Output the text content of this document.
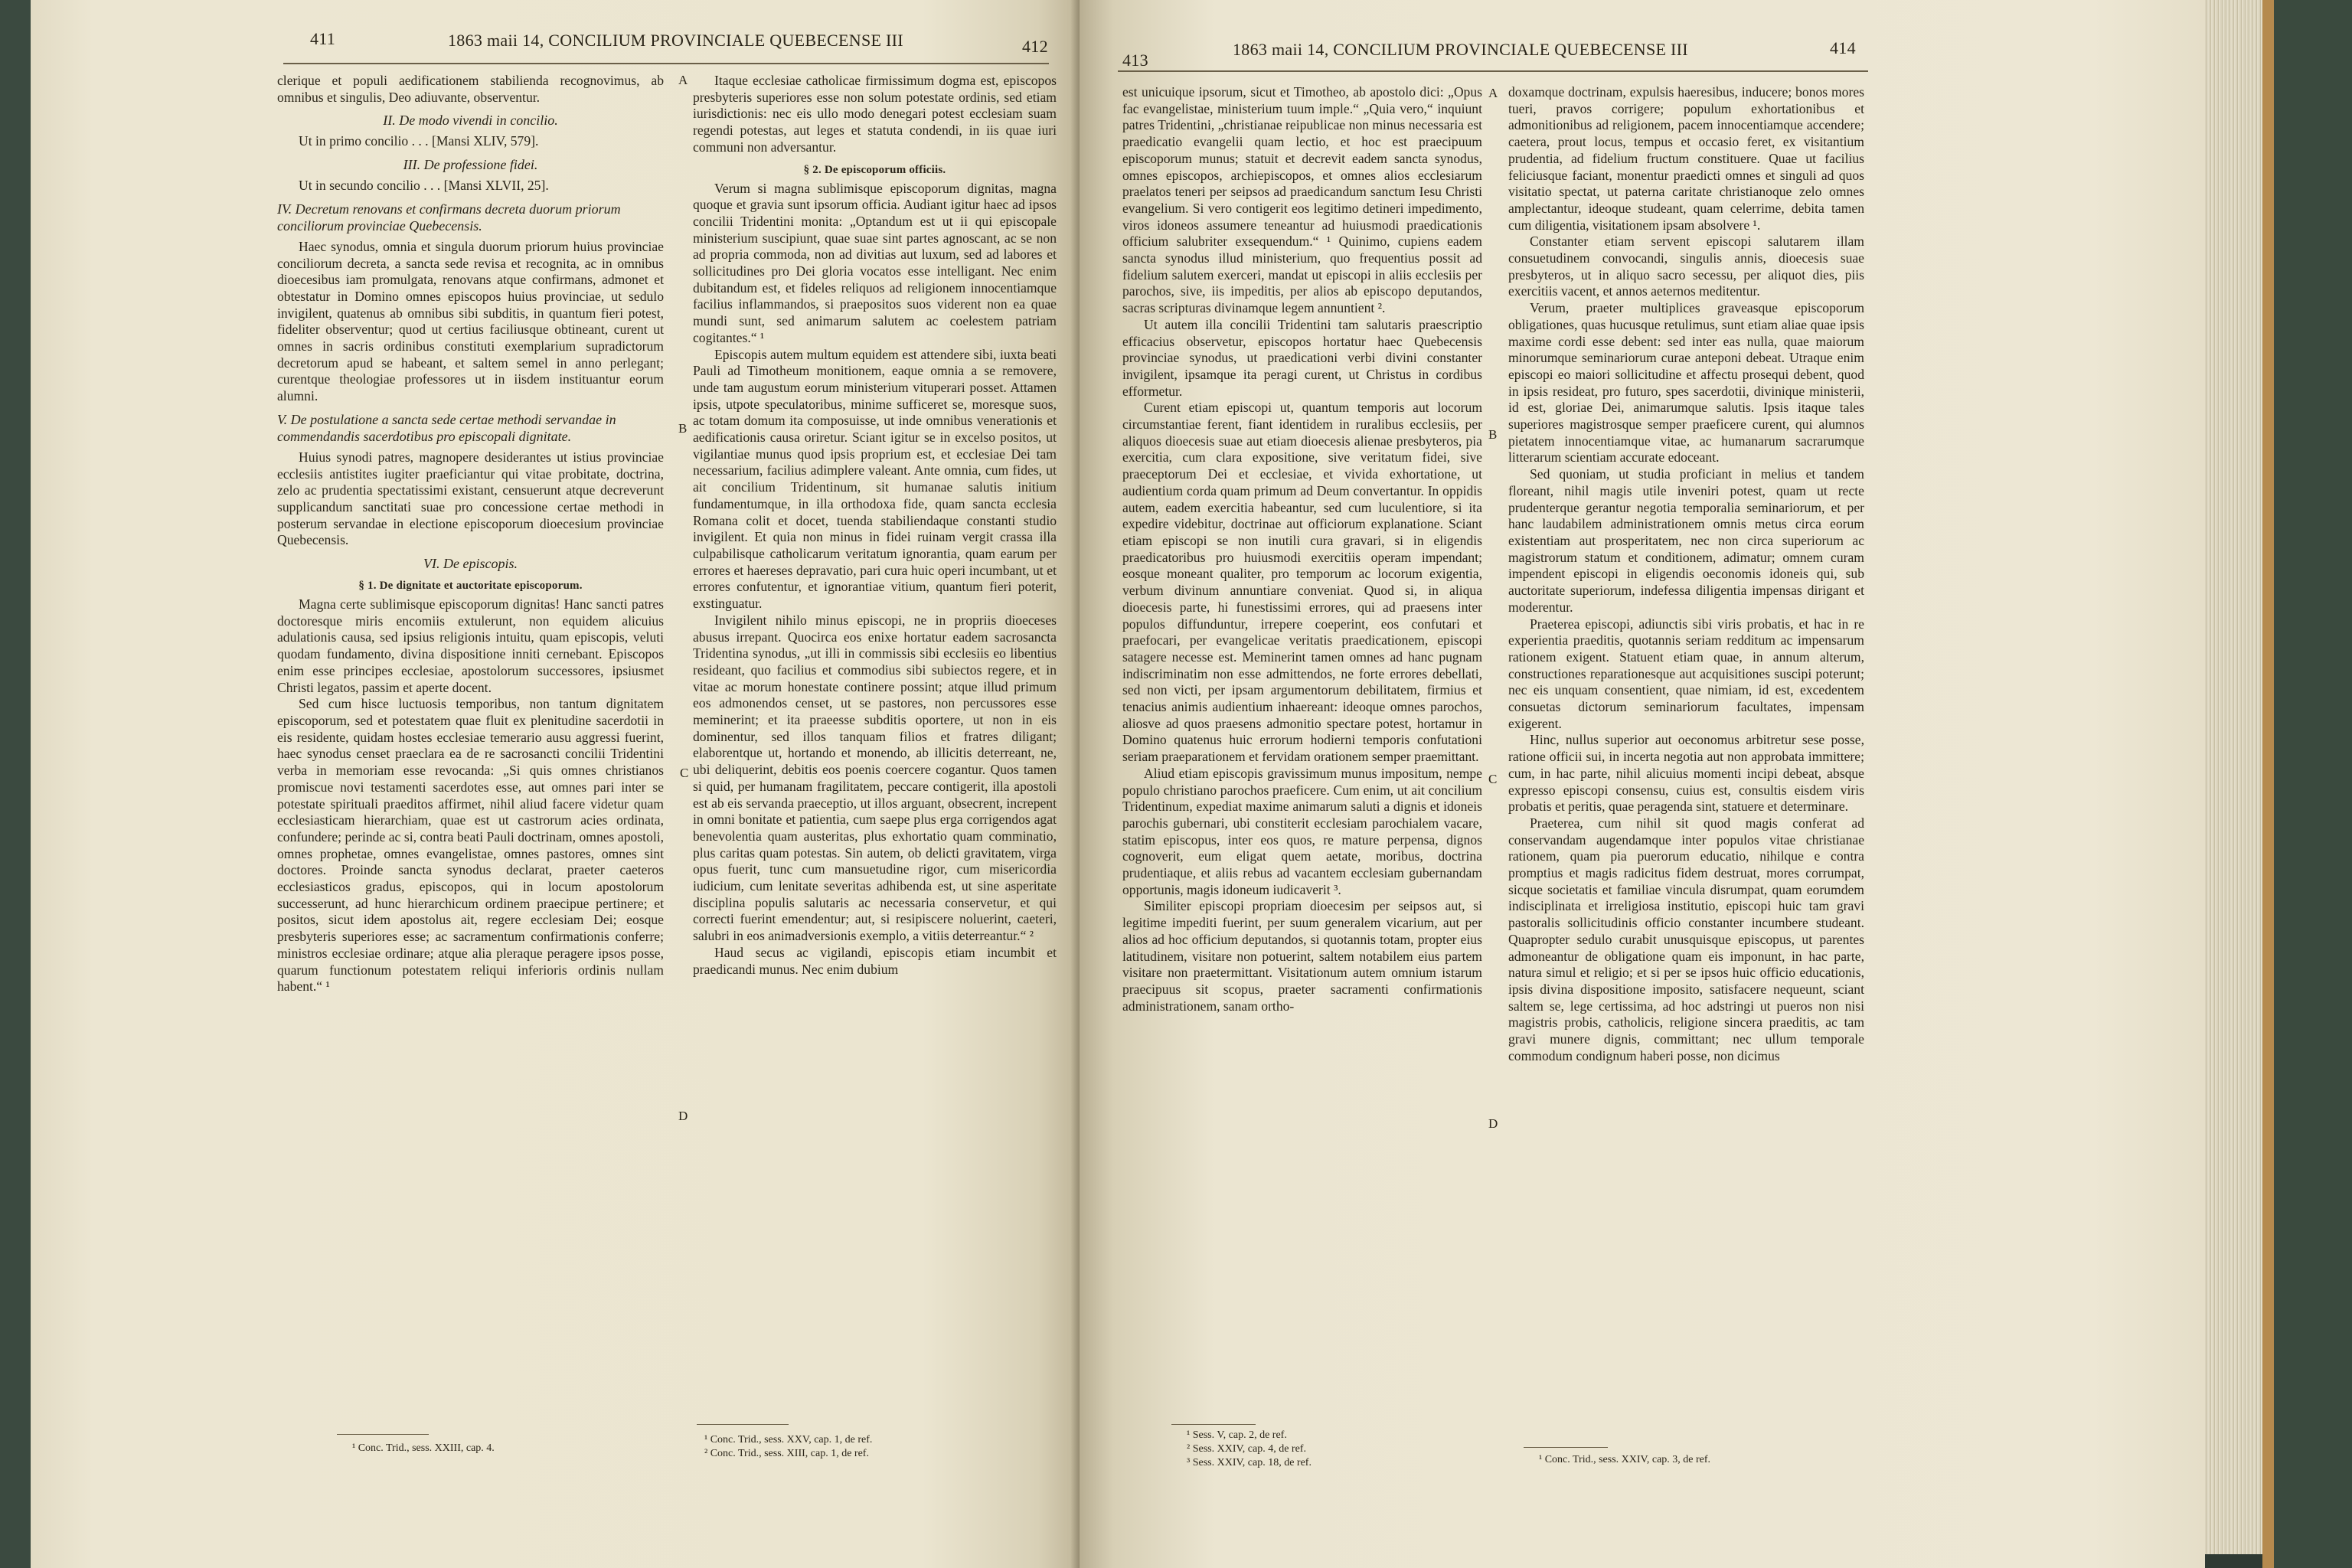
411	1863 maii 14, CONCILIUM PROVINCIALE QUEBECENSE III	412

clerique et populi aedificationem stabilienda recognovimus, ab omnibus et singulis, Deo adiuvante, observentur.

II. De modo vivendi in concilio.

Ut in primo concilio . . . [Mansi XLIV, 579].

III. De professione fidei.

Ut in secundo concilio . . . [Mansi XLVII, 25].

IV. Decretum renovans et confirmans decreta duorum priorum conciliorum provinciae Quebecensis.

Haec synodus, omnia et singula duorum priorum huius provinciae conciliorum decreta, a sancta sede revisa et recognita, ac in omnibus dioecesibus iam promulgata, renovans atque confirmans, admonet et obtestatur in Domino omnes episcopos huius provinciae, ut sedulo invigilent, quatenus ab omnibus sibi subditis, in quantum fieri potest, fideliter observentur; quod ut certius faciliusque obtineant, curent ut omnes in sacris ordinibus constituti exemplarium supradictorum decretorum apud se habeant, et saltem semel in anno perlegant; curentque theologiae professores ut in iisdem instituantur eorum alumni.

V. De postulatione a sancta sede certae methodi servandae in commendandis sacerdotibus pro episcopali dignitate.

Huius synodi patres, magnopere desiderantes ut istius provinciae ecclesiis antistites iugiter praeficiantur qui vitae probitate, doctrina, zelo ac prudentia spectatissimi existant, censuerunt atque decreverunt supplicandum sanctitati suae pro concessione certae methodi in posterum servandae in electione episcoporum dioecesium provinciae Quebecensis.

VI. De episcopis.
§ 1. De dignitate et auctoritate episcoporum.

Magna certe sublimisque episcoporum dignitas! Hanc sancti patres doctoresque miris encomiis extulerunt, non equidem alicuius adulationis causa, sed ipsius religionis intuitu, quam episcopis, veluti quodam fundamento, divina dispositione inniti cernebant. Episcopos enim esse principes ecclesiae, apostolorum successores, ipsiusmet Christi legatos, passim et aperte docent.

Sed cum hisce luctuosis temporibus, non tantum dignitatem episcoporum, sed et potestatem quae fluit ex plenitudine sacerdotii in eis residente, quidam hostes ecclesiae temerario ausu aggressi fuerint, haec synodus censet praeclara ea de re sacrosancti concilii Tridentini verba in memoriam esse revocanda: „Si quis omnes christianos promiscue novi testamenti sacerdotes esse, aut omnes pari inter se potestate spirituali praeditos affirmet, nihil aliud facere videtur quam ecclesiasticam hierarchiam, quae est ut castrorum acies ordinata, confundere; perinde ac si, contra beati Pauli doctrinam, omnes apostoli, omnes prophetae, omnes evangelistae, omnes pastores, omnes sint doctores. Proinde sancta synodus declarat, praeter caeteros ecclesiasticos gradus, episcopos, qui in locum apostolorum successerunt, ad hunc hierarchicum ordinem praecipue pertinere; et positos, sicut idem apostolus ait, regere ecclesiam Dei; eosque presbyteris superiores esse; ac sacramentum confirmationis conferre; ministros ecclesiae ordinare; atque alia pleraque peragere ipsos posse, quarum functionum potestatem reliqui inferioris ordinis nullam habent.“ ¹

¹ Conc. Trid., sess. XXIII, cap. 4.
A
B
C
D

Itaque ecclesiae catholicae firmissimum dogma est, episcopos presbyteris superiores esse non solum potestate ordinis, sed etiam iurisdictionis: nec eis ullo modo denegari potest ecclesiam suam regendi potestas, aut leges et statuta condendi, in iis quae iuri communi non adversantur.

§ 2. De episcoporum officiis.

Verum si magna sublimisque episcoporum dignitas, magna quoque et gravia sunt ipsorum officia. Audiant igitur haec ad ipsos concilii Tridentini monita: „Optandum est ut ii qui episcopale ministerium suscipiunt, quae suae sint partes agnoscant, ac se non ad propria commoda, non ad divitias aut luxum, sed ad labores et sollicitudines pro Dei gloria vocatos esse intelligant. Nec enim dubitandum est, et fideles reliquos ad religionem innocentiamque facilius inflammandos, si praepositos suos viderent non ea quae mundi sunt, sed animarum salutem ac coelestem patriam cogitantes.“ ¹

Episcopis autem multum equidem est attendere sibi, iuxta beati Pauli ad Timotheum monitionem, eaque omnia a se removere, unde tam augustum eorum ministerium vituperari posset. Attamen ipsis, utpote speculatoribus, minime sufficeret se, moresque suos, ac totam domum ita composuisse, ut inde omnibus venerationis et aedificationis causa oriretur. Sciant igitur se in excelso positos, ut vigilantiae munus quod ipsis proprium est, et ecclesiae Dei tam necessarium, facilius adimplere valeant. Ante omnia, cum fides, ut ait concilium Tridentinum, sit humanae salutis initium fundamentumque, in illa orthodoxa fide, quam sancta ecclesia Romana colit et docet, tuenda stabiliendaque constanti studio invigilent. Et quia non minus in fidei ruinam vergit crassa illa culpabilisque catholicarum veritatum ignorantia, quam earum per errores et haereses depravatio, pari cura huic operi incumbant, ut et errores confutentur, et ignorantiae vitium, quantum fieri poterit, exstinguatur.

Invigilent nihilo minus episcopi, ne in propriis dioeceses abusus irrepant. Quocirca eos enixe hortatur eadem sacrosancta Tridentina synodus, „ut illi in commissis sibi ecclesiis eo libentius resideant, quo facilius et commodius sibi subiectos regere, et in vitae ac morum honestate continere possint; atque illud primum eos admonendos censet, ut se pastores, non percussores esse meminerint; et ita praeesse subditis oportere, ut non in eis dominentur, sed illos tanquam filios et fratres diligant; elaborentque ut, hortando et monendo, ab illicitis deterreant, ne, ubi deliquerint, debitis eos poenis coercere cogantur. Quos tamen si quid, per humanam fragilitatem, peccare contigerit, illa apostoli est ab eis servanda praeceptio, ut illos arguant, obsecrent, increpent in omni bonitate et patientia, cum saepe plus erga corrigendos agat benevolentia quam austeritas, plus exhortatio quam comminatio, plus caritas quam potestas. Sin autem, ob delicti gravitatem, virga opus fuerit, tunc cum mansuetudine rigor, cum misericordia iudicium, cum lenitate severitas adhibenda est, ut sine asperitate disciplina populis salutaris ac necessaria conservetur, et qui correcti fuerint emendentur; aut, si resipiscere noluerint, caeteri, salubri in eos animadversionis exemplo, a vitiis deterreantur.“ ²

Haud secus ac vigilandi, episcopis etiam incumbit et praedicandi munus. Nec enim dubium

¹ Conc. Trid., sess. XXV, cap. 1, de ref.
² Conc. Trid., sess. XIII, cap. 1, de ref.
413
1863 maii 14, CONCILIUM PROVINCIALE QUEBECENSE III	414

est unicuique ipsorum, sicut et Timotheo, ab apostolo dici: „Opus fac evangelistae, ministerium tuum imple.“ „Quia vero,“ inquiunt patres Tridentini, „christianae reipublicae non minus necessaria est praedicatio evangelii quam lectio, et hoc est praecipuum episcoporum munus; statuit et decrevit eadem sancta synodus, omnes episcopos, archiepiscopos, et omnes alios ecclesiarum praelatos teneri per seipsos ad praedicandum sanctum Iesu Christi evangelium. Si vero contigerit eos legitimo detineri impedimento, viros idoneos assumere teneantur ad huiusmodi praedicationis officium salubriter exsequendum.“ ¹ Quinimo, cupiens eadem sancta synodus illud ministerium, quo frequentius possit ad fidelium salutem exerceri, mandat ut episcopi in aliis ecclesiis per parochos, sive, iis impeditis, per alios ab episcopo deputandos, sacras scripturas divinamque legem annuntient ².

Ut autem illa concilii Tridentini tam salutaris praescriptio efficacius observetur, episcopos hortatur haec Quebecensis provinciae synodus, ut praedicationi verbi divini constanter invigilent, ipsamque ita peragi curent, ut Christus in cordibus efformetur.

Curent etiam episcopi ut, quantum temporis aut locorum circumstantiae ferent, fiant identidem in ruralibus ecclesiis, per aliquos dioecesis suae aut etiam dioecesis alienae presbyteros, pia exercitia, cum clara expositione, sive veritatum fidei, sive praeceptorum Dei et ecclesiae, et vivida exhortatione, ut audientium corda quam primum ad Deum convertantur. In oppidis autem, eadem exercitia habeantur, sed cum luculentiore, si ita expedire videbitur, doctrinae aut officiorum explanatione. Sciant etiam episcopi se non inutili cura gravari, si in eligendis praedicatoribus pro huiusmodi exercitiis operam impendant; eosque moneant qualiter, pro temporum ac locorum exigentia, verbum divinum annuntiare conveniat. Quod si, in aliqua dioecesis parte, hi funestissimi errores, qui ad praesens inter populos diffunduntur, irrepere coeperint, eos confutari et praefocari, per evangelicae veritatis praedicationem, episcopi satagere necesse est. Meminerint tamen omnes ad hanc pugnam indiscriminatim non esse admittendos, ne forte errores debellati, sed non victi, per ipsam argumentorum debilitatem, firmius et tenacius animis audientium inhaereant: ideoque omnes parochos, aliosve ad quos praesens admonitio spectare potest, hortamur in Domino quatenus huic errorum hodierni temporis confutationi seriam praeparationem et fervidam orationem semper praemittant.

Aliud etiam episcopis gravissimum munus impositum, nempe populo christiano parochos praeficere. Cum enim, ut ait concilium Tridentinum, expediat maxime animarum saluti a dignis et idoneis parochis gubernari, ubi constiterit ecclesiam parochialem vacare, statim episcopus, inter eos quos, re mature perpensa, dignos cognoverit, eum eligat quem aetate, moribus, doctrina prudentiaque, et aliis rebus ad vacantem ecclesiam gubernandam opportunis, magis idoneum iudicaverit ³.

Similiter episcopi propriam dioecesim per seipsos aut, si legitime impediti fuerint, per suum generalem vicarium, aut per alios ad hoc officium deputandos, si quotannis totam, propter eius latitudinem, visitare non potuerint, saltem notabilem eius partem visitare non praetermittant. Visitationum autem omnium istarum praecipuus sit scopus, praeter sacramenti confirmationis administrationem, sanam ortho-

¹ Sess. V, cap. 2, de ref.
² Sess. XXIV, cap. 4, de ref.
³ Sess. XXIV, cap. 18, de ref.
A
B
C
D

doxamque doctrinam, expulsis haeresibus, inducere; bonos mores tueri, pravos corrigere; populum exhortationibus et admonitionibus ad religionem, pacem innocentiamque accendere; caetera, prout locus, tempus et occasio feret, ex visitantium prudentia, ad fidelium fructum constituere. Quae ut facilius feliciusque faciant, monentur praedicti omnes et singuli ad quos visitatio spectat, ut paterna caritate christianoque zelo omnes amplectantur, ideoque studeant, quam celerrime, debita tamen cum diligentia, visitationem ipsam absolvere ¹.

Constanter etiam servent episcopi salutarem illam consuetudinem convocandi, singulis annis, dioecesis suae presbyteros, ut in aliquo sacro secessu, per aliquot dies, piis exercitiis vacent, et annos aeternos meditentur.

Verum, praeter multiplices graveasque episcoporum obligationes, quas hucusque retulimus, sunt etiam aliae quae ipsis maxime cordi esse debent: sed inter eas nulla, quae maiorum minorumque seminariorum curae anteponi debeat. Utraque enim episcopi eo maiori sollicitudine et affectu prosequi debent, quod in ipsis resideat, pro futuro, spes sacerdotii, divinique ministerii, id est, gloriae Dei, animarumque salutis. Ipsis itaque tales superiores magistrosque semper praeficere curent, qui alumnos pietatem innocentiamque vitae, ac humanarum sacrarumque litterarum scientiam accurate edoceant.

Sed quoniam, ut studia proficiant in melius et tandem floreant, nihil magis utile inveniri potest, quam ut recte prudenterque gerantur negotia temporalia seminariorum, et per hanc laudabilem administrationem omnis metus circa eorum existentiam aut prosperitatem, nec non circa superiorum ac magistrorum statum et conditionem, adimatur; omnem curam impendent episcopi in eligendis oeconomis idoneis qui, sub auctoritate superiorum, indefessa diligentia impensas dirigant et moderentur.

Praeterea episcopi, adiunctis sibi viris probatis, et hac in re experientia praeditis, quotannis seriam redditum ac impensarum rationem exigent. Statuent etiam quae, in annum alterum, constructiones reparationesque aut acquisitiones suscipi poterunt; nec eis unquam consentient, quae nimiam, id est, excedentem consuetas dictorum seminariorum facultates, impensam exigerent.

Hinc, nullus superior aut oeconomus arbitretur sese posse, ratione officii sui, in incerta negotia aut non approbata immittere; cum, in hac parte, nihil alicuius momenti incipi debeat, absque expresso episcopi consensu, cuius est, consultis eisdem viris probatis et peritis, quae peragenda sint, statuere et determinare.

Praeterea, cum nihil sit quod magis conferat ad conservandam augendamque inter populos vitae christianae rationem, quam pia puerorum educatio, nihilque e contra promptius et magis radicitus fidem destruat, mores corrumpat, sicque societatis et familiae vincula disrumpat, quam eorumdem indisciplinata et irreligiosa institutio, episcopi huic tam gravi pastoralis sollicitudinis officio constanter incumbere studeant. Quapropter sedulo curabit unusquisque episcopus, ut parentes admoneantur de obligatione quam eis imponunt, in hac parte, natura simul et religio; et si per se ipsos huic officio educationis, ipsis divina dispositione imposito, satisfacere nequeunt, sciant saltem se, lege certissima, ad hoc adstringi ut pueros non nisi magistris probis, catholicis, religione sincera praeditis, ac tam gravi munere dignis, committant; nec ullum temporale commodum condignum haberi posse, non dicimus

¹ Conc. Trid., sess. XXIV, cap. 3, de ref.
